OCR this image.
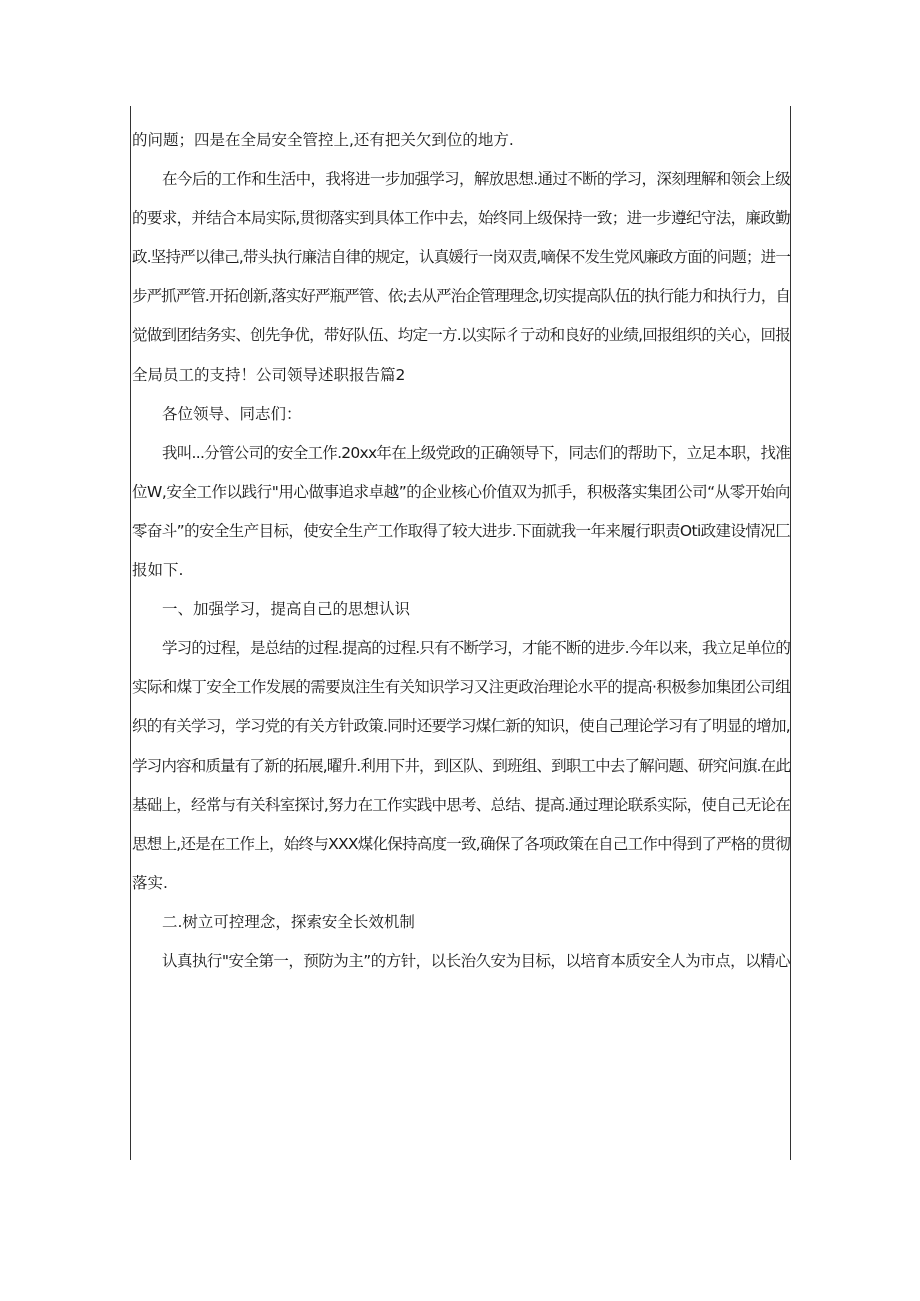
的问题；四是在全局安全管控上,还有把关欠到位的地方.
在今后的工作和生活中，我将进一步加强学习，解放思想.通过不断的学习，深刻理解和领会上级
的要求，并结合本局实际,贯彻落实到具体工作中去，始终同上级保持一致；进一步遵纪守法，廉政勤
政.坚持严以律己,带头执行廉洁自律的规定，认真媛行一岗双责,嘀保不发生党风廉政方面的问题；进一
步严抓严管.开拓创新,落实好严瓶严管、依;去从严治企管理理念,切实提高队伍的执行能力和执行力，自
觉做到团结务实、创先争优，带好队伍、均定一方.以实际彳亍动和良好的业绩,回报组织的关心，回报
全局员工的支持！公司领导述职报告篇2
各位领导、同志们：
我叫...分管公司的安全工作.20xx年在上级党政的正确领导下，同志们的帮助下，立足本职，找准
位W,安全工作以践行"用心做事追求卓越”的企业核心价值双为抓手，积极落实集团公司“从零开始向
零奋斗”的安全生产目标，使安全生产工作取得了较大进步.下面就我一年来履行职责Oti政建设情况匚
报如下.
一、加强学习，提高自己的思想认识
学习的过程，是总结的过程.提高的过程.只有不断学习，才能不断的进步.今年以来，我立足单位的
实际和煤丁安全工作发展的需要岚注生有关知识学习又注更政治理论水平的提高·积极参加集团公司组
织的有关学习，学习党的有关方针政策.同时还要学习煤仁新的知识，使自己理论学习有了明显的增加,
学习内容和质量有了新的拓展,曜升.利用下井，到区队、到班组、到职工中去了解问题、研究问旗.在此
基础上，经常与有关科室探讨,努力在工作实践中思考、总结、提高.通过理论联系实际，使自己无论在
思想上,还是在工作上，始终与XXX煤化保持高度一致,确保了各项政策在自己工作中得到了严格的贯彻
落实.
二.树立可控理念，探索安全长效机制
认真执行"安全第一，预防为主”的方针，以长治久安为目标，以培育本质安全人为市点，以精心
